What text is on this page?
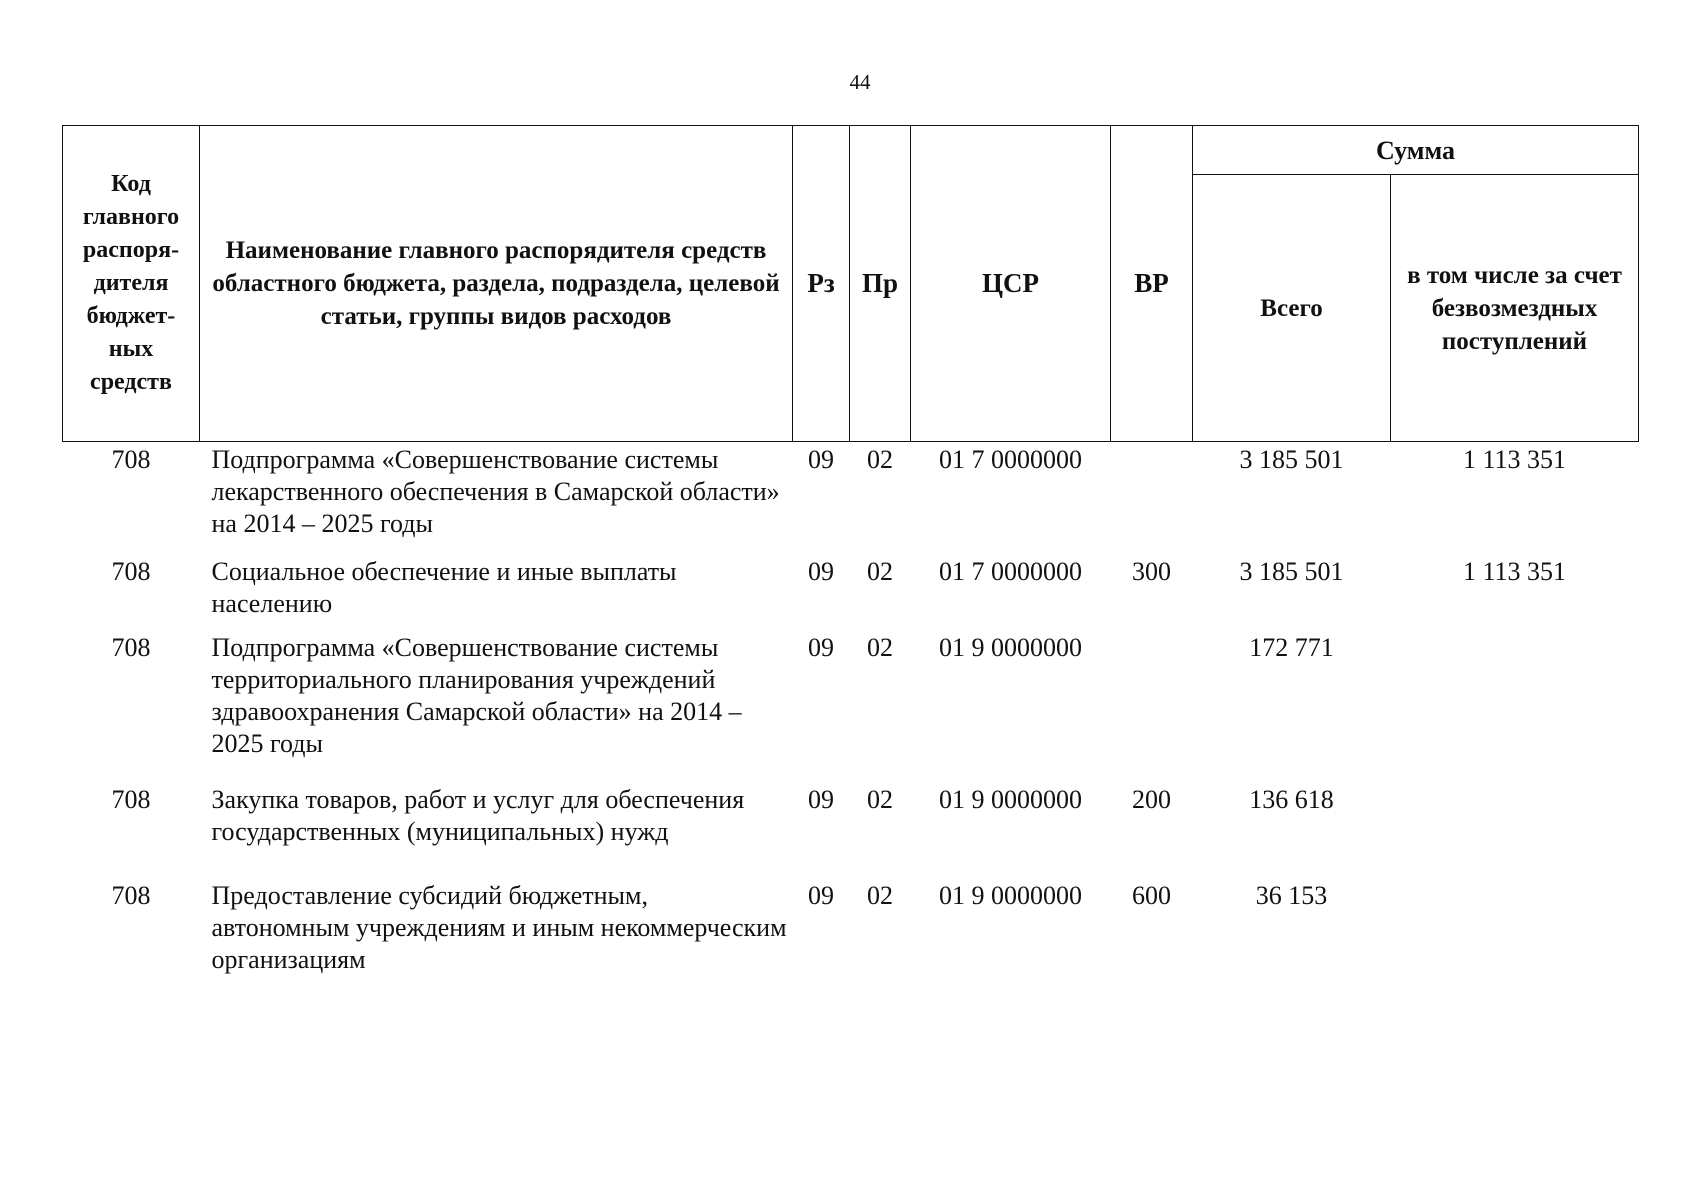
44
Код главного распоря-дителя бюджет-ных средств	Наименование главного распорядителя средств областного бюджета, раздела, подраздела, целевой статьи, группы видов расходов	Рз	Пр	ЦСР	ВР	Сумма	
						Всего	в том числе за счет безвозмездных поступлений
708	Подпрограмма «Совершенствование системы лекарственного обеспечения в Самарской области» на 2014 – 2025 годы	09	02	01 7 0000000		3 185 501	1 113 351
708	Социальное обеспечение и иные выплаты населению	09	02	01 7 0000000	300	3 185 501	1 113 351
708	Подпрограмма «Совершенствование системы территориального планирования учреждений здравоохранения Самарской области» на 2014 – 2025 годы	09	02	01 9 0000000		172 771	
708	Закупка товаров, работ и услуг для обеспечения государственных (муниципальных) нужд	09	02	01 9 0000000	200	136 618	
708	Предоставление субсидий бюджетным, автономным учреждениям и иным некоммерческим организациям	09	02	01 9 0000000	600	36 153	
